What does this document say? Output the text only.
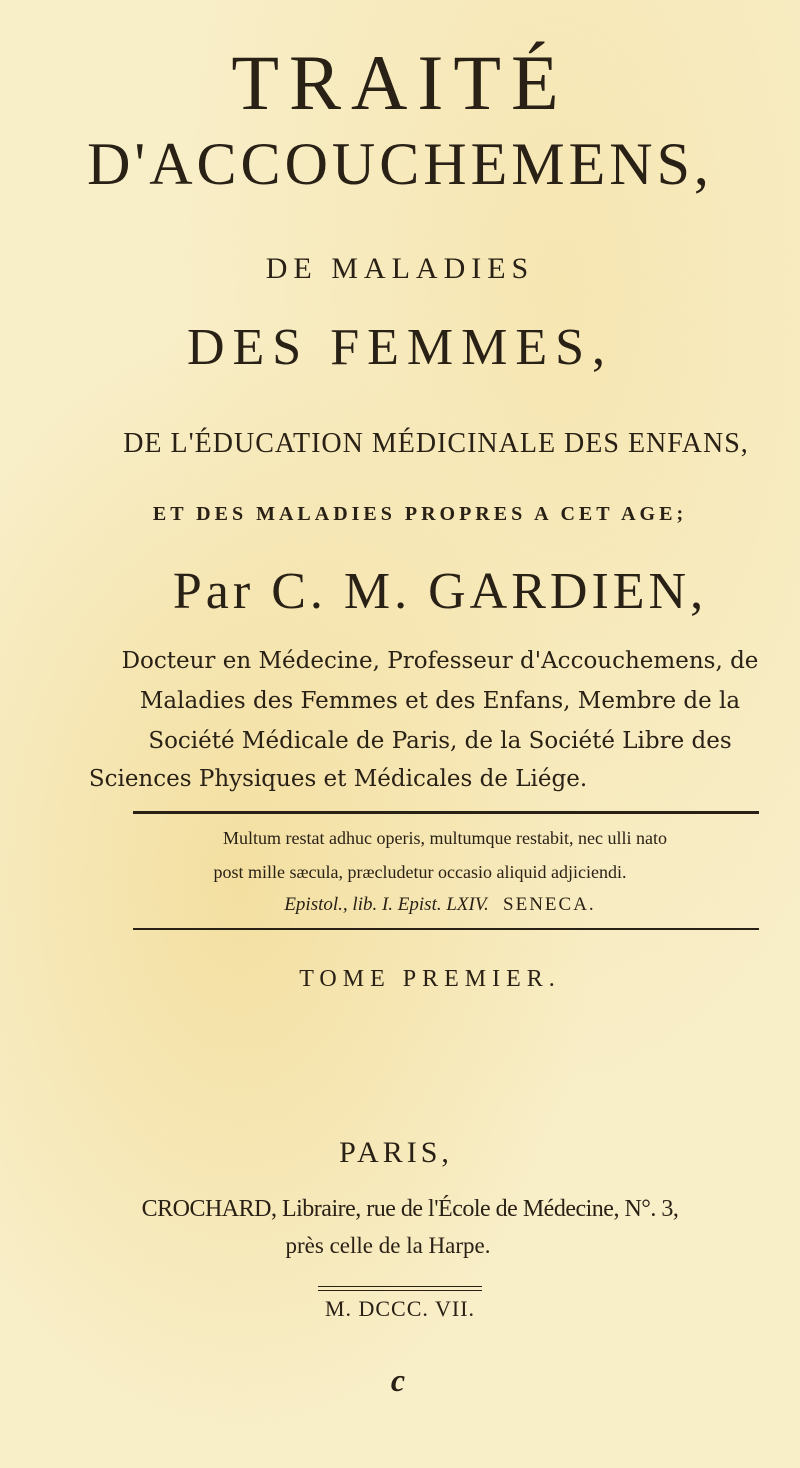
TRAITÉ
D'ACCOUCHEMENS,
DE MALADIES
DES FEMMES,
DE L'ÉDUCATION MÉDICINALE DES ENFANS,
ET DES MALADIES PROPRES A CET AGE;
Par C. M. GARDIEN,
Docteur en Médecine, Professeur d'Accouchemens, de
Maladies des Femmes et des Enfans, Membre de la
Société Médicale de Paris, de la Société Libre des
Sciences Physiques et Médicales de Liége.
Multum restat adhuc operis, multumque restabit, nec ulli nato
post mille sæcula, præcludetur occasio aliquid adjiciendi.
Epistol., lib. I. Epist. LXIV. SENECA.
TOME PREMIER.
PARIS,
CROCHARD, Libraire, rue de l'École de Médecine, N°. 3,
près celle de la Harpe.
M. DCCC. VII.
c
